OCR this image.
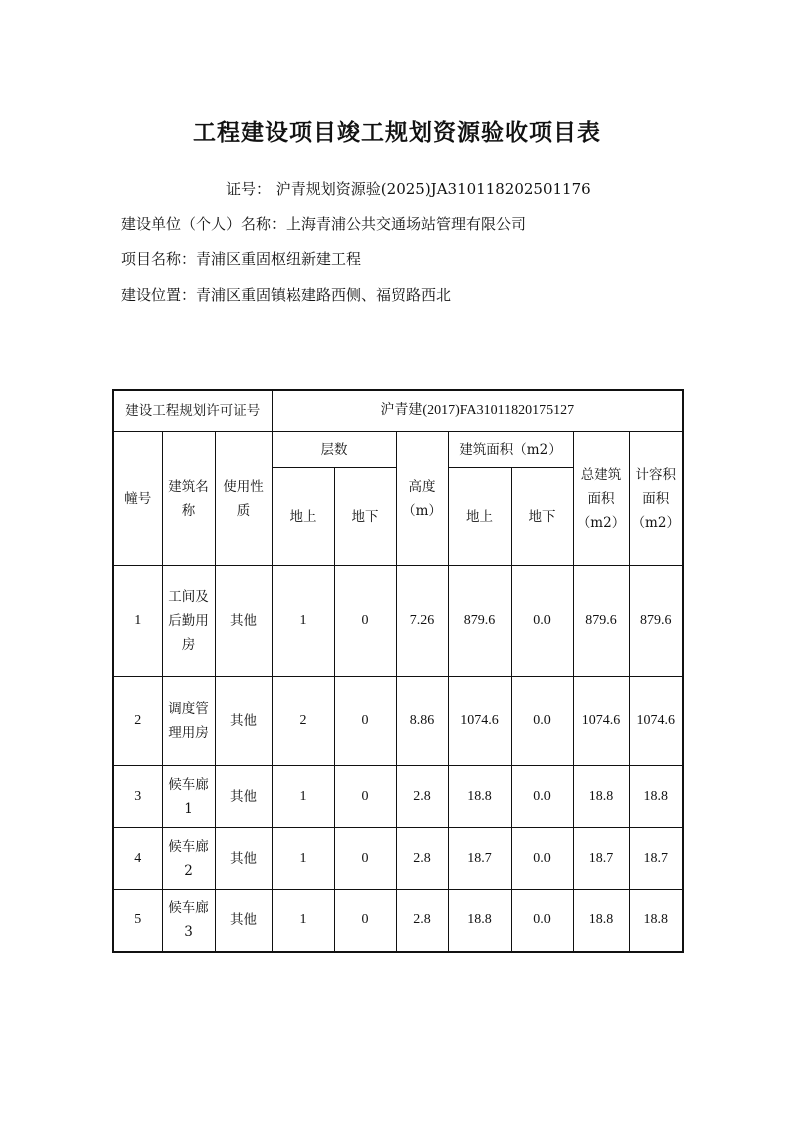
工程建设项目竣工规划资源验收项目表
证号： 沪青规划资源验(2025)JA310118202501176
建设单位（个人）名称：上海青浦公共交通场站管理有限公司
项目名称：青浦区重固枢纽新建工程
建设位置：青浦区重固镇崧建路西侧、福贸路西北
建设工程规划许可证号			沪青建(2017)FA31011820175127						
幢号	建筑名称	使用性质	层数		高度（m）	建筑面积（m2）		总建筑面积（m2）	计容积面积（m2）
			地上	地下		地上	地下		
1	工间及后勤用房	其他	1	0	7.26	879.6	0.0	879.6	879.6
2	调度管理用房	其他	2	0	8.86	1074.6	0.0	1074.6	1074.6
3	候车廊1	其他	1	0	2.8	18.8	0.0	18.8	18.8
4	候车廊2	其他	1	0	2.8	18.7	0.0	18.7	18.7
5	候车廊3	其他	1	0	2.8	18.8	0.0	18.8	18.8
